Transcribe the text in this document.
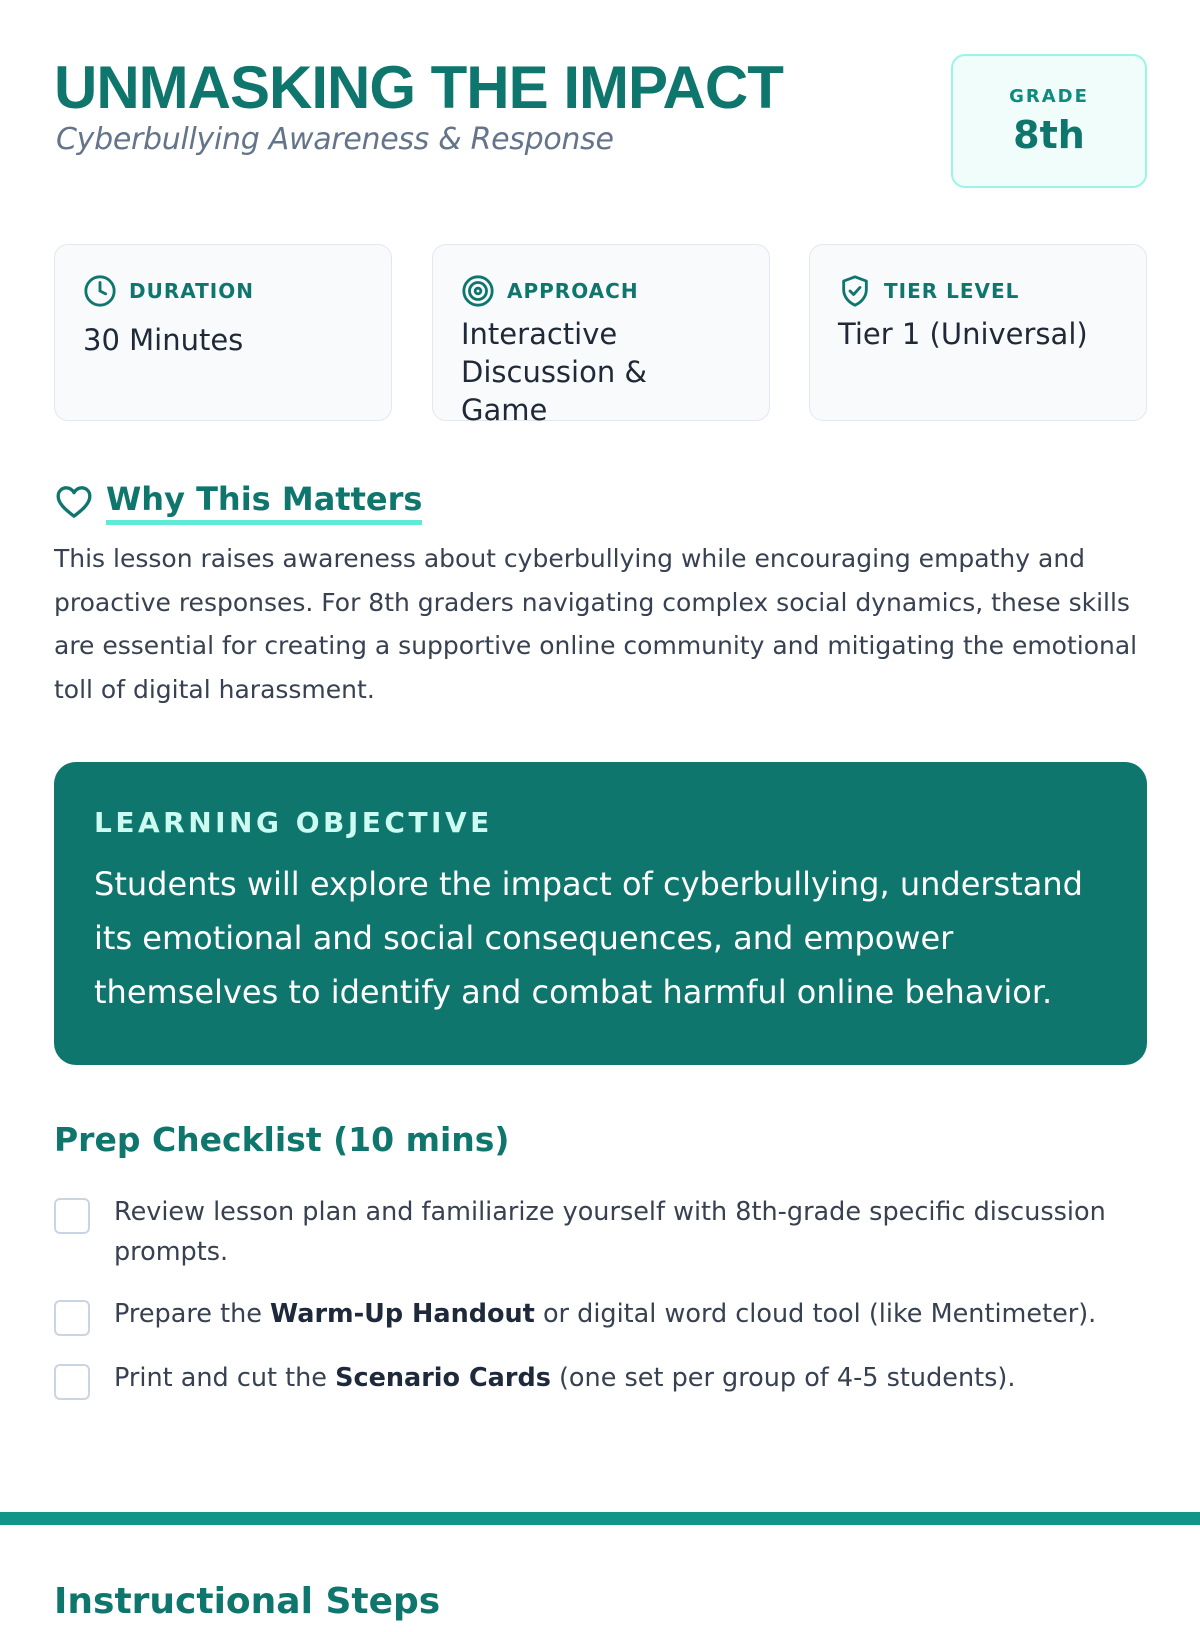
UNMASKING THE IMPACT
Cyberbullying Awareness & Response
GRADE
8th
DURATION
30 Minutes
APPROACH
Interactive Discussion & Game
TIER LEVEL
Tier 1 (Universal)
Why This Matters

This lesson raises awareness about cyberbullying while encouraging empathy and proactive responses. For 8th graders navigating complex social dynamics, these skills are essential for creating a supportive online community and mitigating the emotional toll of digital harassment.

LEARNING OBJECTIVE

Students will explore the impact of cyberbullying, understand its emotional and social consequences, and empower themselves to identify and combat harmful online behavior.

Prep Checklist (10 mins)
Review lesson plan and familiarize yourself with 8th-grade specific discussion prompts.
Prepare the Warm-Up Handout or digital word cloud tool (like Mentimeter).
Print and cut the Scenario Cards (one set per group of 4-5 students).
Instructional Steps
